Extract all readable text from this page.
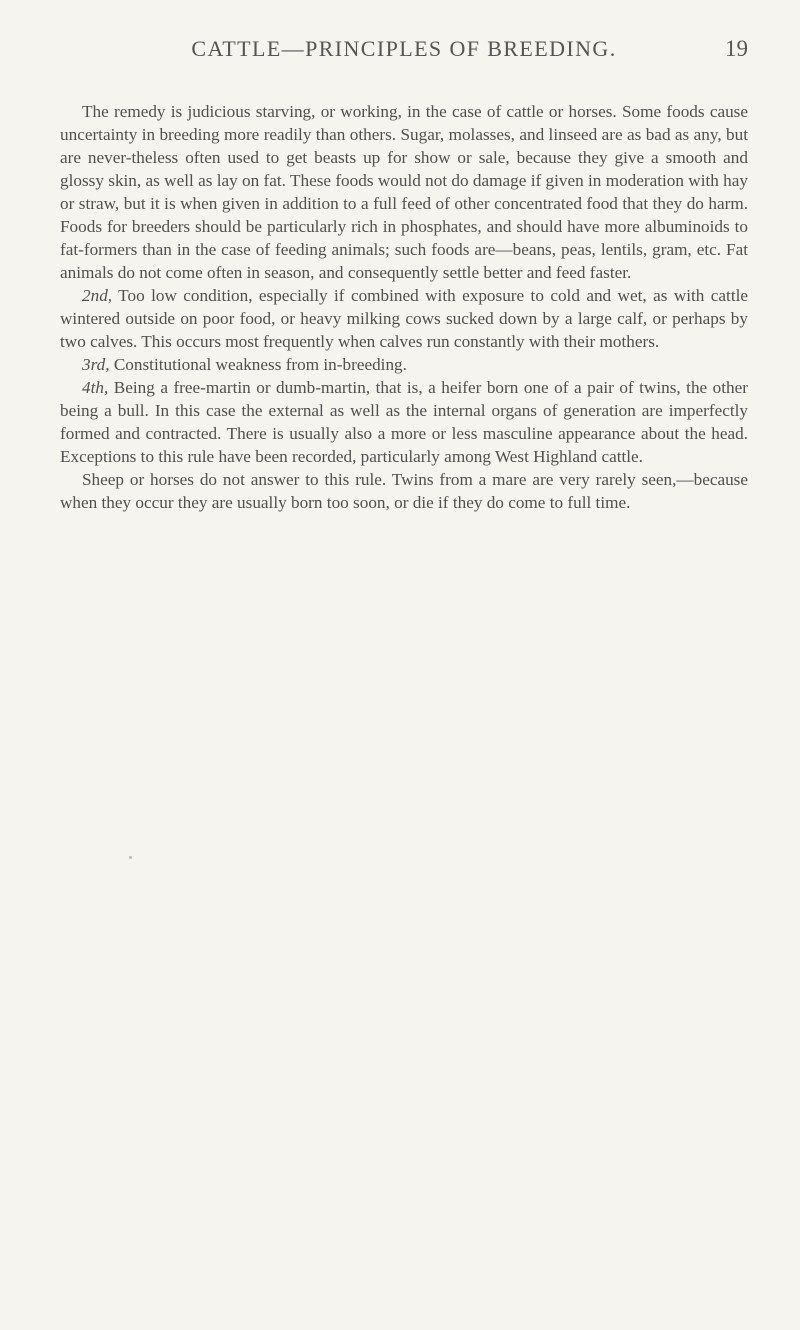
CATTLE—PRINCIPLES OF BREEDING.	19

The remedy is judicious starving, or working, in the case of cattle or horses. Some foods cause uncertainty in breeding more readily than others. Sugar, molasses, and linseed are as bad as any, but are never-theless often used to get beasts up for show or sale, because they give a smooth and glossy skin, as well as lay on fat. These foods would not do damage if given in moderation with hay or straw, but it is when given in addition to a full feed of other concentrated food that they do harm. Foods for breeders should be particularly rich in phosphates, and should have more albuminoids to fat-formers than in the case of feeding animals; such foods are—beans, peas, lentils, gram, etc. Fat animals do not come often in season, and consequently settle better and feed faster.

2nd, Too low condition, especially if combined with exposure to cold and wet, as with cattle wintered outside on poor food, or heavy milking cows sucked down by a large calf, or perhaps by two calves. This occurs most frequently when calves run constantly with their mothers.

3rd, Constitutional weakness from in-breeding.

4th, Being a free-martin or dumb-martin, that is, a heifer born one of a pair of twins, the other being a bull. In this case the external as well as the internal organs of generation are imperfectly formed and contracted. There is usually also a more or less masculine appearance about the head. Exceptions to this rule have been recorded, particularly among West Highland cattle.

Sheep or horses do not answer to this rule. Twins from a mare are very rarely seen,—because when they occur they are usually born too soon, or die if they do come to full time.
